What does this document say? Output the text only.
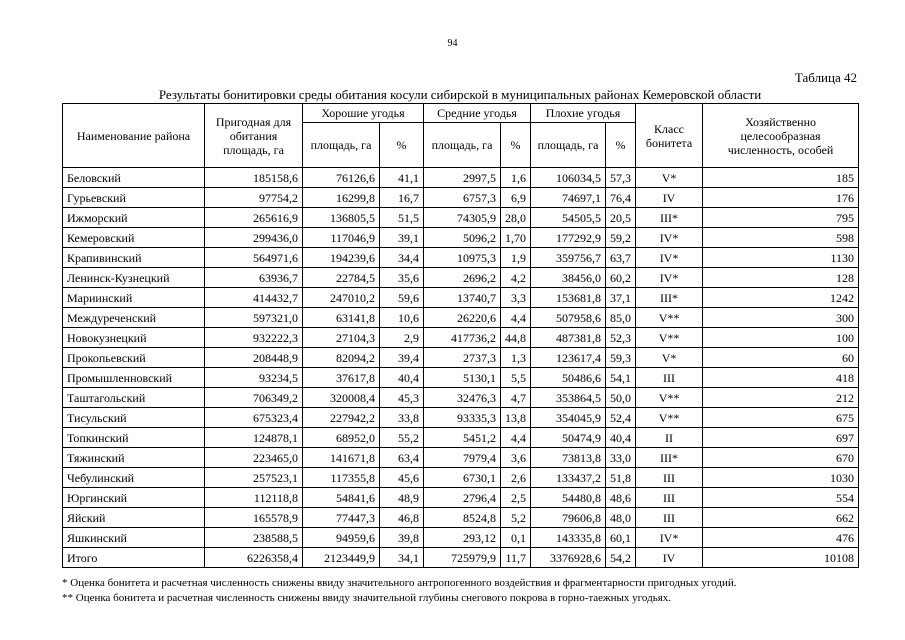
94
Таблица 42
Результаты бонитировки среды обитания косули сибирской в муниципальных районах Кемеровской области
Наименование района	Пригодная для обитания площадь, га	Хорошие угодья		Средние угодья		Плохие угодья		Класс бонитета	Хозяйственно целесообразная численность, особей
		площадь, га	%	площадь, га	%	площадь, га	%		
Беловский	185158,6	76126,6	41,1	2997,5	1,6	106034,5	57,3	V*	185
Гурьевский	97754,2	16299,8	16,7	6757,3	6,9	74697,1	76,4	IV	176
Ижморский	265616,9	136805,5	51,5	74305,9	28,0	54505,5	20,5	III*	795
Кемеровский	299436,0	117046,9	39,1	5096,2	1,70	177292,9	59,2	IV*	598
Крапивинский	564971,6	194239,6	34,4	10975,3	1,9	359756,7	63,7	IV*	1130
Ленинск-Кузнецкий	63936,7	22784,5	35,6	2696,2	4,2	38456,0	60,2	IV*	128
Мариинский	414432,7	247010,2	59,6	13740,7	3,3	153681,8	37,1	III*	1242
Междуреченский	597321,0	63141,8	10,6	26220,6	4,4	507958,6	85,0	V**	300
Новокузнецкий	932222,3	27104,3	2,9	417736,2	44,8	487381,8	52,3	V**	100
Прокопьевский	208448,9	82094,2	39,4	2737,3	1,3	123617,4	59,3	V*	60
Промышленновский	93234,5	37617,8	40,4	5130,1	5,5	50486,6	54,1	III	418
Таштагольский	706349,2	320008,4	45,3	32476,3	4,7	353864,5	50,0	V**	212
Тисульский	675323,4	227942,2	33,8	93335,3	13,8	354045,9	52,4	V**	675
Топкинский	124878,1	68952,0	55,2	5451,2	4,4	50474,9	40,4	II	697
Тяжинский	223465,0	141671,8	63,4	7979,4	3,6	73813,8	33,0	III*	670
Чебулинский	257523,1	117355,8	45,6	6730,1	2,6	133437,2	51,8	III	1030
Юргинский	112118,8	54841,6	48,9	2796,4	2,5	54480,8	48,6	III	554
Яйский	165578,9	77447,3	46,8	8524,8	5,2	79606,8	48,0	III	662
Яшкинский	238588,5	94959,6	39,8	293,12	0,1	143335,8	60,1	IV*	476
Итого	6226358,4	2123449,9	34,1	725979,9	11,7	3376928,6	54,2	IV	10108
* Оценка бонитета и расчетная численность снижены ввиду значительного антропогенного воздействия и фрагментарности пригодных угодий.
** Оценка бонитета и расчетная численность снижены ввиду значительной глубины снегового покрова в горно-таежных угодьях.
